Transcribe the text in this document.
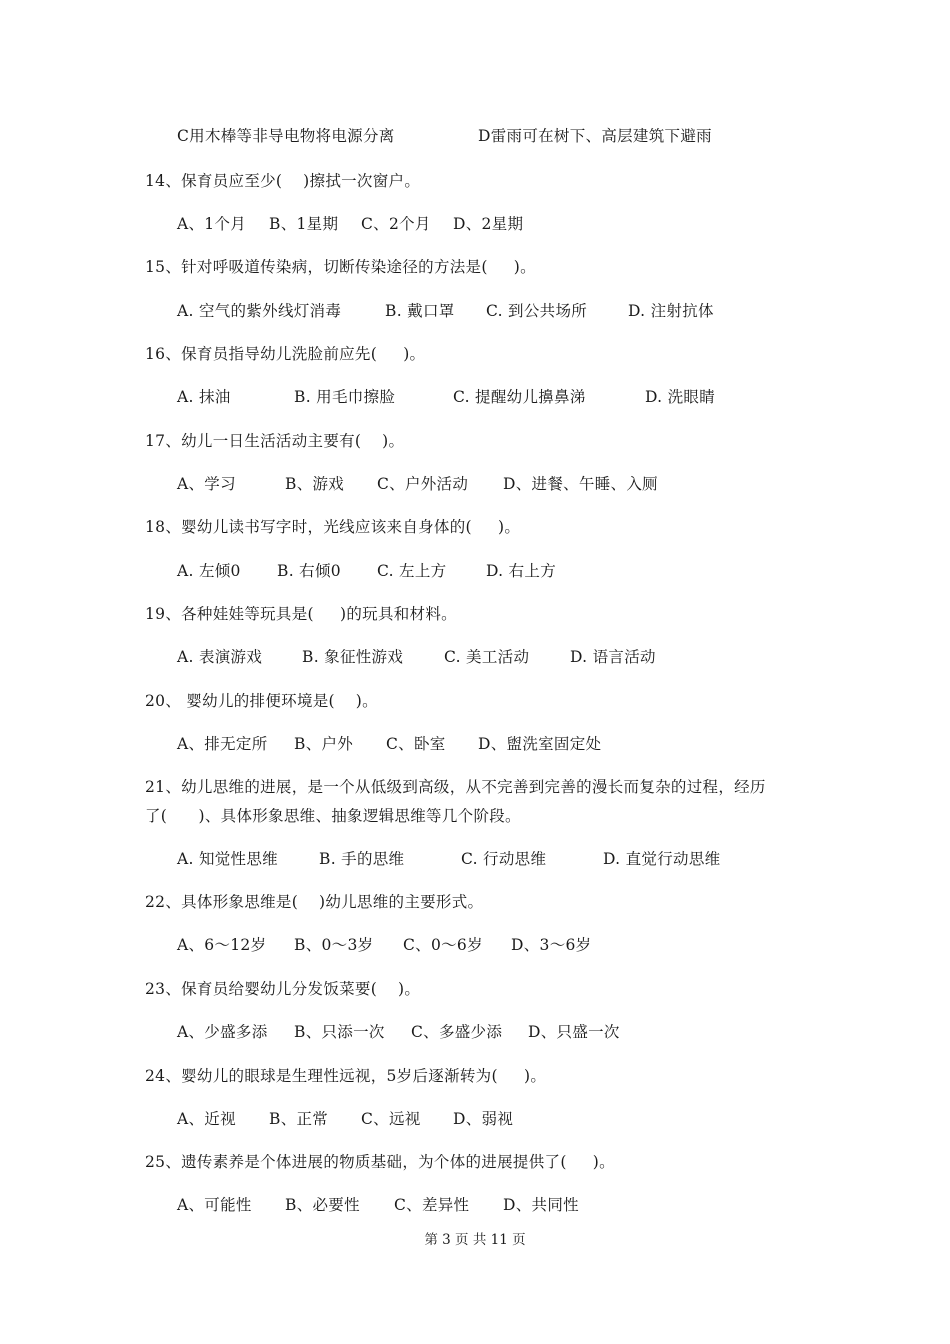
C用木棒等非导电物将电源分离

	D雷雨可在树下、高层建筑下避雨

14、保育员应至少(    )擦拭一次窗户。

A、1个月

B、1星期

C、2个月

D、2星期

15、针对呼吸道传染病，切断传染途径的方法是(     )。

A. 空气的紫外线灯消毒

	B. 戴口罩

C. 到公共场所

	D. 注射抗体

16、保育员指导幼儿洗脸前应先(     )。

A. 抹油

	B. 用毛巾擦脸

	C. 提醒幼儿擤鼻涕

	D. 洗眼睛

17、幼儿一日生活活动主要有(    )。

A、学习

	B、游戏

C、户外活动

D、进餐、午睡、入厕

18、婴幼儿读书写字时，光线应该来自身体的(     )。

A. 左倾0

B. 右倾0

C. 左上方

	D. 右上方

19、各种娃娃等玩具是(     )的玩具和材料。

A. 表演游戏

	B. 象征性游戏

	C. 美工活动

	D. 语言活动

20、 婴幼儿的排便环境是(    )。

A、排无定所

B、户外

C、卧室

D、盥洗室固定处

21、幼儿思维的进展，是一个从低级到高级，从不完善到完善的漫长而复杂的过程，经历
了(      )、具体形象思维、抽象逻辑思维等几个阶段。

A. 知觉性思维

	B. 手的思维

	C. 行动思维

	D. 直觉行动思维

22、具体形象思维是(    )幼儿思维的主要形式。

A、6～12岁

B、0～3岁

C、0～6岁

D、3～6岁

23、保育员给婴幼儿分发饭菜要(    )。

A、少盛多添

B、只添一次

C、多盛少添

D、只盛一次

24、婴幼儿的眼球是生理性远视，5岁后逐渐转为(     )。

A、近视

B、正常

C、远视

D、弱视

25、遗传素养是个体进展的物质基础，为个体的进展提供了(     )。

A、可能性

B、必要性

C、差异性

D、共同性

第 3 页 共 11 页
